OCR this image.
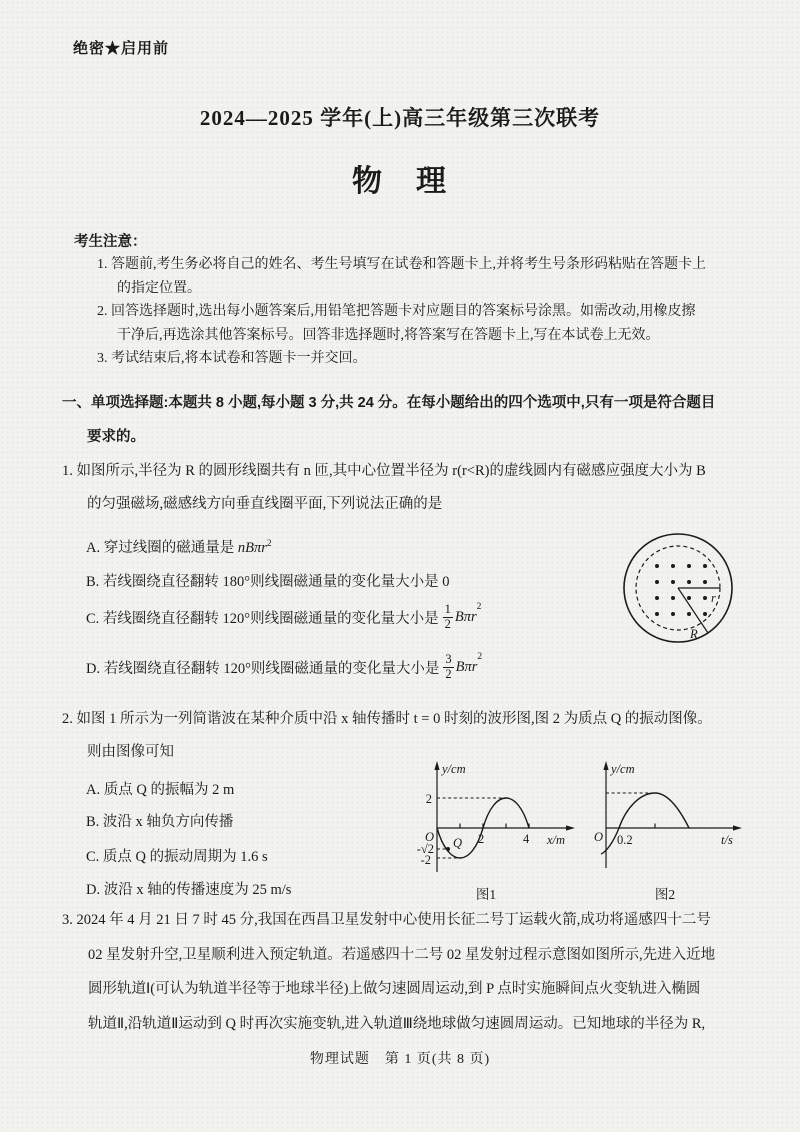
绝密★启用前
2024—2025 学年(上)高三年级第三次联考
物　理
考生注意：
1. 答题前,考生务必将自己的姓名、考生号填写在试卷和答题卡上,并将考生号条形码粘贴在答题卡上
的指定位置。
2. 回答选择题时,选出每小题答案后,用铅笔把答题卡对应题目的答案标号涂黑。如需改动,用橡皮擦
干净后,再选涂其他答案标号。回答非选择题时,将答案写在答题卡上,写在本试卷上无效。
3. 考试结束后,将本试卷和答题卡一并交回。
一、单项选择题:本题共 8 小题,每小题 3 分,共 24 分。在每小题给出的四个选项中,只有一项是符合题目
要求的。
1. 如图所示,半径为 R 的圆形线圈共有 n 匝,其中心位置半径为 r(r<R)的虚线圆内有磁感应强度大小为 B
的匀强磁场,磁感线方向垂直线圈平面,下列说法正确的是
A. 穿过线圈的磁通量是 nBπr$^2$
B. 若线圈绕直径翻转 180°则线圈磁通量的变化量大小是 0
C. 若线圈绕直径翻转 120°则线圈磁通量的变化量大小是 $\frac{1}{2}$ Bπr
$^2$
D. 若线圈绕直径翻转 120°则线圈磁通量的变化量大小是 $\frac{3}{2}$ Bπr
$^2$
r
R
2. 如图 1 所示为一列简谐波在某种介质中沿 x 轴传播时 t = 0 时刻的波形图,图 2 为质点 Q 的振动图像。
则由图像可知
A. 质点 Q 的振幅为 2 m
B. 波沿 x 轴负方向传播
C. 质点 Q 的振动周期为 1.6 s
D. 波沿 x 轴的传播速度为 25 m/s
y/cm
O	x/m
2	4
2
-√2
-2
Q
图1
y/cm
O	t/s
0.2
图2
3. 2024 年 4 月 21 日 7 时 45 分,我国在西昌卫星发射中心使用长征二号丁运载火箭,成功将遥感四十二号
02 星发射升空,卫星顺利进入预定轨道。若遥感四十二号 02 星发射过程示意图如图所示,先进入近地
圆形轨道Ⅰ(可认为轨道半径等于地球半径)上做匀速圆周运动,到 P 点时实施瞬间点火变轨进入椭圆
轨道Ⅱ,沿轨道Ⅱ运动到 Q 时再次实施变轨,进入轨道Ⅲ绕地球做匀速圆周运动。已知地球的半径为 R,
物理试题　第 1 页(共 8 页)
